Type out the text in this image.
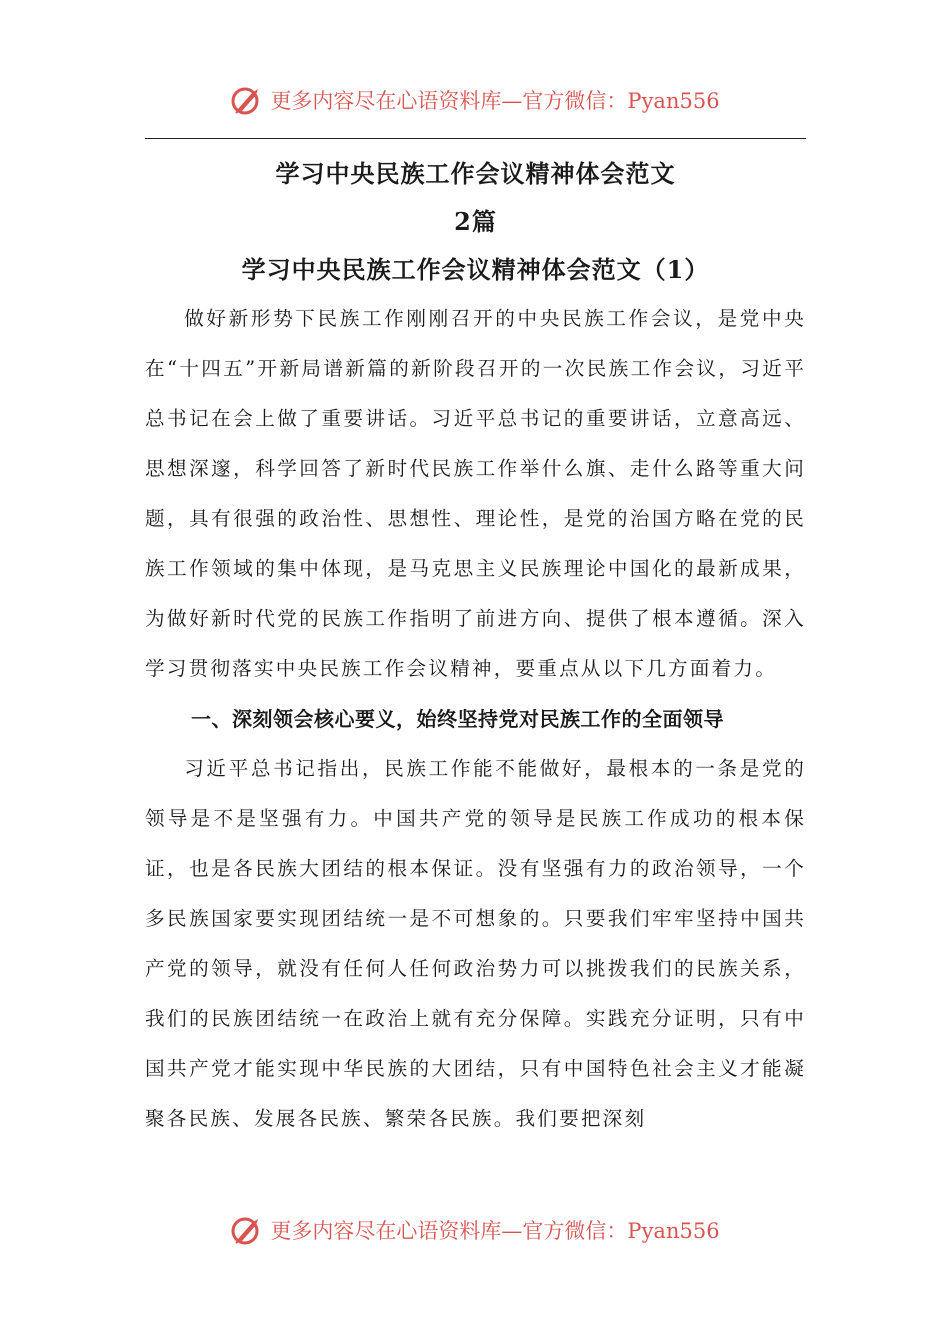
更多内容尽在心语资料库—官方微信：Pyan556

学习中央民族工作会议精神体会范文

2篇

学习中央民族工作会议精神体会范文（1）

做好新形势下民族工作刚刚召开的中央民族工作会议，是党中央在“十四五”开新局谱新篇的新阶段召开的一次民族工作会议，习近平总书记在会上做了重要讲话。习近平总书记的重要讲话，立意高远、思想深邃，科学回答了新时代民族工作举什么旗、走什么路等重大问题，具有很强的政治性、思想性、理论性，是党的治国方略在党的民族工作领域的集中体现，是马克思主义民族理论中国化的最新成果，为做好新时代党的民族工作指明了前进方向、提供了根本遵循。深入学习贯彻落实中央民族工作会议精神，要重点从以下几方面着力。

一、深刻领会核心要义，始终坚持党对民族工作的全面领导

习近平总书记指出，民族工作能不能做好，最根本的一条是党的领导是不是坚强有力。中国共产党的领导是民族工作成功的根本保证，也是各民族大团结的根本保证。没有坚强有力的政治领导，一个多民族国家要实现团结统一是不可想象的。只要我们牢牢坚持中国共产党的领导，就没有任何人任何政治势力可以挑拨我们的民族关系，我们的民族团结统一在政治上就有充分保障。实践充分证明，只有中国共产党才能实现中华民族的大团结，只有中国特色社会主义才能凝聚各民族、发展各民族、繁荣各民族。我们要把深刻

更多内容尽在心语资料库—官方微信：Pyan556
